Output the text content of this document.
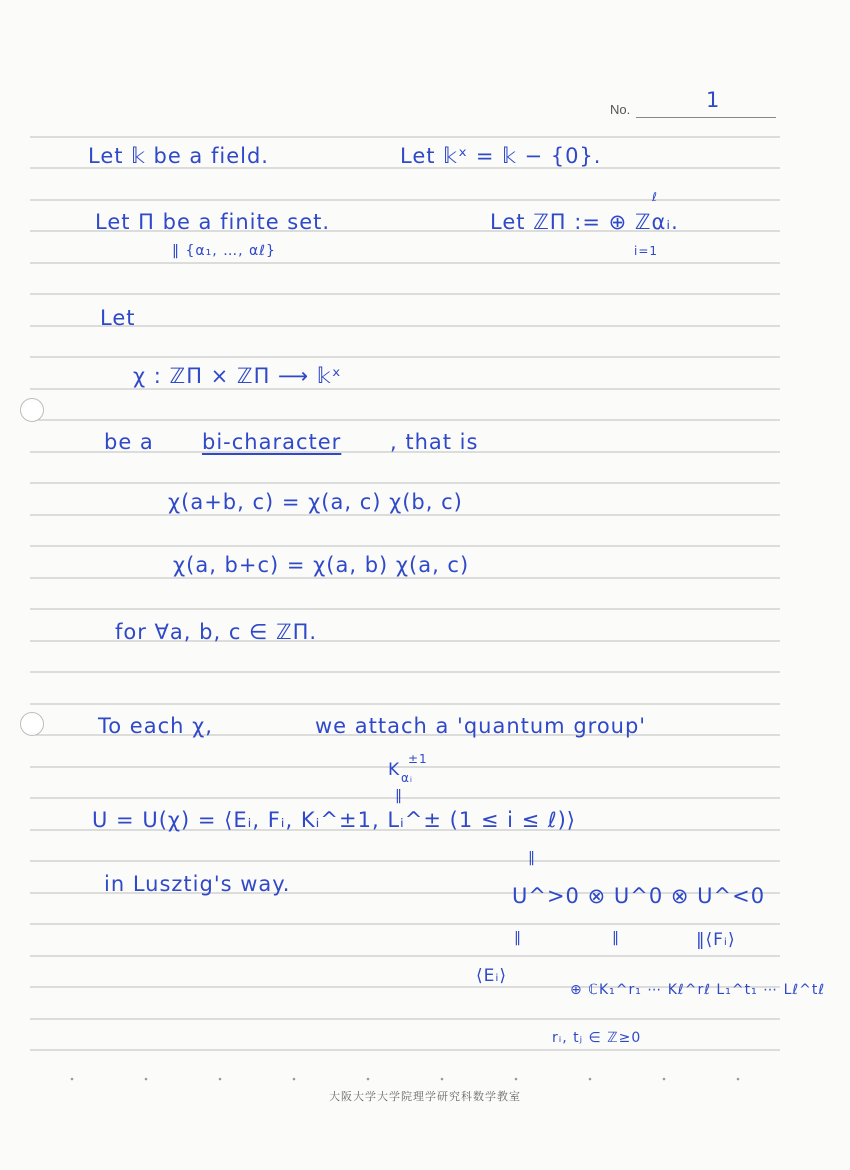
No.	1
Let 𝕜 be a field.	Let 𝕜ˣ = 𝕜 − {0}.
Let Π be a finite set.
‖ {α₁, …, αℓ}
Let ℤΠ := ⊕ ℤαᵢ.
ℓ
i=1
Let
χ : ℤΠ × ℤΠ ⟶ 𝕜ˣ
be a bi-character , that is
χ(a+b, c) = χ(a, c) χ(b, c)
χ(a, b+c) = χ(a, b) χ(a, c)
for ∀a, b, c ∈ ℤΠ.
To each χ,	we attach a 'quantum group'
K αᵢ
±1
‖
U = U(χ) = ⟨Eᵢ, Fᵢ, Kᵢ^±1, Lᵢ^± (1 ≤ i ≤ ℓ)⟩
‖
in Lusztig's way.	U^>0 ⊗ U^0 ⊗ U^<0
‖	‖	‖⟨Fᵢ⟩
⟨Eᵢ⟩
⊕ ℂK₁^r₁ ⋯ Kℓ^rℓ L₁^t₁ ⋯ Lℓ^tℓ
rᵢ, tⱼ ∈ ℤ≥0
大阪大学大学院理学研究科数学教室
